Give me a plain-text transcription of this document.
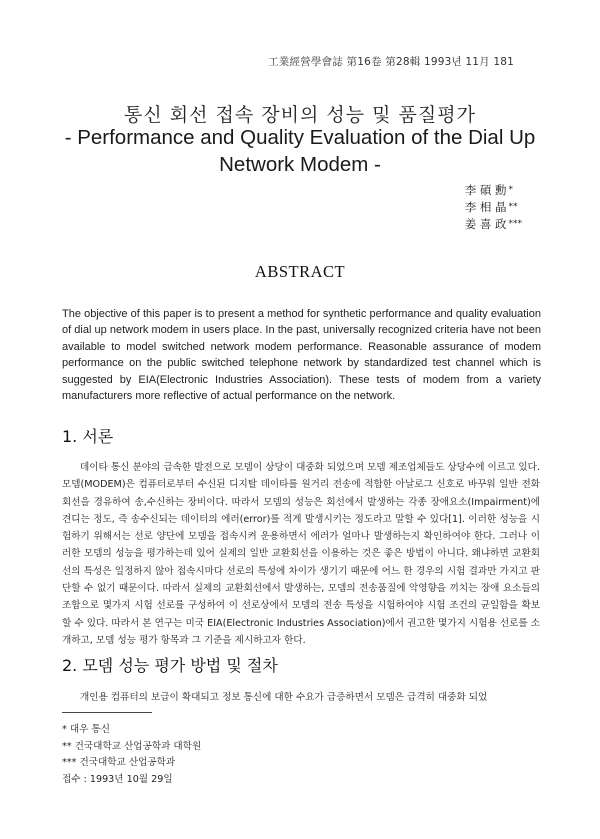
工業經營學會誌 第16卷 第28輯 1993년 11月 181
통신 회선 접속 장비의 성능 및 품질평가
- Performance and Quality Evaluation of the Dial Up
Network Modem -
李 碩 勳 *
李 相 晶 **
姜 喜 政 ***
ABSTRACT
The objective of this paper is to present a method for synthetic performance and quality evaluation of dial up network modem in users place. In the past, universally recognized criteria have not been available to model switched network modem performance. Reasonable assurance of modem performance on the public switched telephone network by standardized test channel which is suggested by EIA(Electronic Industries Association). These tests of modem from a variety manufacturers more reflective of actual performance on the network.
1. 서론
데이타 통신 분야의 급속한 발전으로 모뎀이 상당이 대중화 되었으며 모뎀 제조업체들도 상당수에 이르고 있다. 모뎀(MODEM)은 컴퓨터로부터 수신된 디지탈 데이타를 원거리 전송에 적합한 아날로그 신호로 바꾸워 일반 전화회선을 경유하여 송,수신하는 장비이다. 따라서 모뎀의 성능은 회선에서 발생하는 각종 장애요소(Impairment)에 견디는 정도, 즉 송수신되는 데이터의 에러(error)를 적게 발생시키는 정도라고 말할 수 있다[1]. 이러한 성능을 시험하기 위해서는 선로 양단에 모뎀을 접속시켜 운용하면서 에러가 얼마나 발생하는지 확인하여야 한다. 그러나 이러한 모뎀의 성능을 평가하는데 있어 실제의 일반 교환회선을 이용하는 것은 좋은 방법이 아니다. 왜냐하면 교환회선의 특성은 일정하지 않아 접속시마다 선로의 특성에 차이가 생기기 때문에 어느 한 경우의 시험 결과만 가지고 판단할 수 없기 때문이다. 따라서 실제의 교환회선에서 발생하는, 모뎀의 전송품질에 악영향을 끼치는 장애 요소들의 조합으로 몇가지 시험 선로를 구성하여 이 선로상에서 모뎀의 전송 특성을 시험하여야 시험 조건의 균일함을 확보할 수 있다. 따라서 본 연구는 미국 EIA(Electronic Industries Association)에서 권고한 몇가지 시험용 선로를 소개하고, 모뎀 성능 평가 항목과 그 기준을 제시하고자 한다.
2. 모뎀 성능 평가 방법 및 절차
개인용 컴퓨터의 보급이 확대되고 정보 통신에 대한 수요가 급증하면서 모뎀은 급격히 대중화 되었
* 대우 통신
** 건국대학교 산업공학과 대학원
*** 건국대학교 산업공학과
접수 : 1993년 10월 29일
